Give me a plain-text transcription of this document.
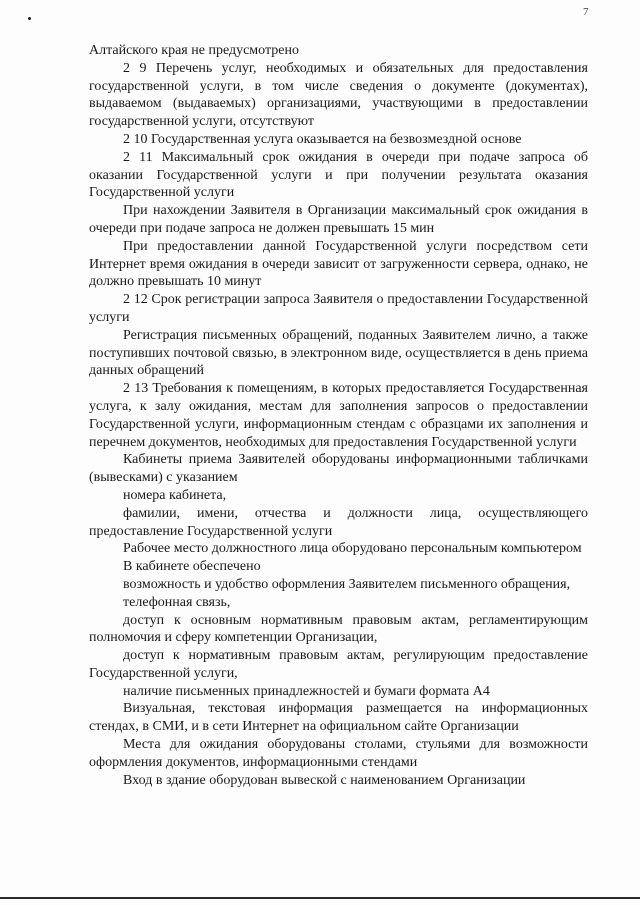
7

Алтайского края не предусмотрено

2 9 Перечень услуг, необходимых и обязательных для предоставления государственной услуги, в том числе сведения о документе (документах), выдаваемом (выдаваемых) организациями, участвующими в предоставлении государственной услуги, отсутствуют

2 10 Государственная услуга оказывается на безвозмездной основе

2 11 Максимальный срок ожидания в очереди при подаче запроса об оказании Государственной услуги и при получении результата оказания Государственной услуги

При нахождении Заявителя в Организации максимальный срок ожидания в очереди при подаче запроса не должен превышать 15 мин

При предоставлении данной Государственной услуги посредством сети Интернет время ожидания в очереди зависит от загруженности сервера, однако, не должно превышать 10 минут

2 12 Срок регистрации запроса Заявителя о предоставлении Государственной услуги

Регистрация письменных обращений, поданных Заявителем лично, а также поступивших почтовой связью, в электронном виде, осуществляется в день приема данных обращений

2 13 Требования к помещениям, в которых предоставляется Государственная услуга, к залу ожидания, местам для заполнения запросов о предоставлении Государственной услуги, информационным стендам с образцами их заполнения и перечнем документов, необходимых для предоставления Государственной услуги

Кабинеты приема Заявителей оборудованы информационными табличками (вывесками) с указанием

номера кабинета,

фамилии, имени, отчества и должности лица, осуществляющего предоставление Государственной услуги

Рабочее место должностного лица оборудовано персональным компьютером

В кабинете обеспечено

возможность и удобство оформления Заявителем письменного обращения,

телефонная связь,

доступ к основным нормативным правовым актам, регламентирующим полномочия и сферу компетенции Организации,

доступ к нормативным правовым актам, регулирующим предоставление Государственной услуги,

наличие письменных принадлежностей и бумаги формата А4

Визуальная, текстовая информация размещается на информационных стендах, в СМИ, и в сети Интернет на официальном сайте Организации

Места для ожидания оборудованы столами, стульями для возможности оформления документов, информационными стендами

Вход в здание оборудован вывеской с наименованием Организации
